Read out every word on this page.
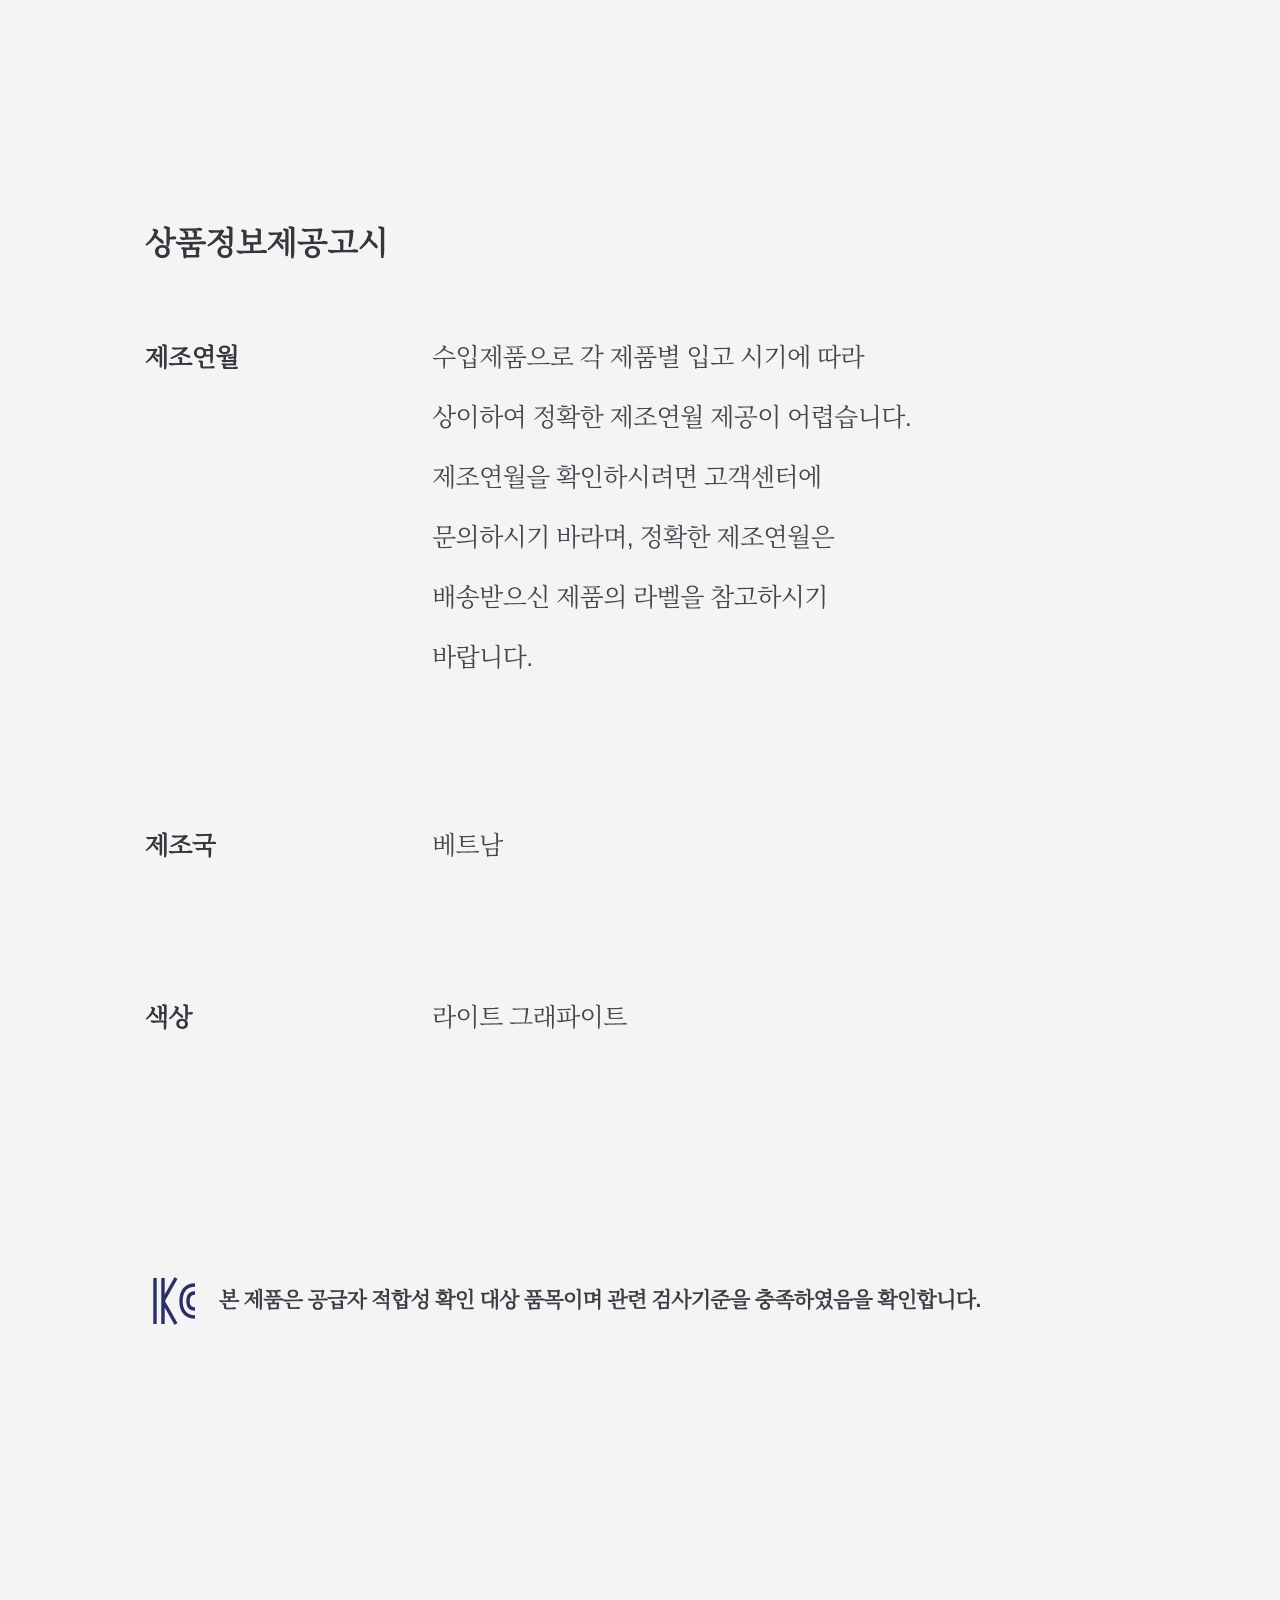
상품정보제공고시
제조연월	수입제품으로 각 제품별 입고 시기에 따라
상이하여 정확한 제조연월 제공이 어렵습니다.
제조연월을 확인하시려면 고객센터에
문의하시기 바라며, 정확한 제조연월은
배송받으신 제품의 라벨을 참고하시기
바랍니다.
제조국	베트남
색상	라이트 그래파이트
본 제품은 공급자 적합성 확인 대상 품목이며 관련 검사기준을 충족하였음을 확인합니다.
